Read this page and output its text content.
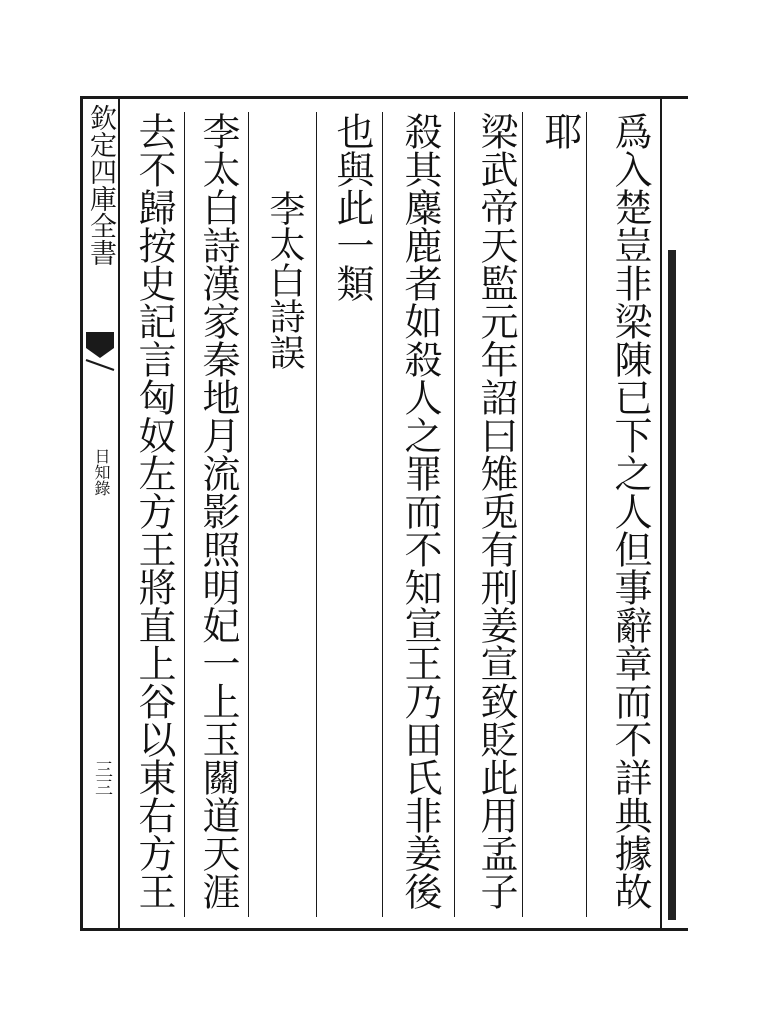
欽定四庫全書
日知錄
三三	爲入楚豈非梁陳已下之人但事辭章而不詳典據故
耶
梁武帝天監元年詔曰雉兎有刑姜宣致貶此用孟子
殺其麋鹿者如殺人之罪而不知宣王乃田氏非姜後
也與此一類
李太白詩誤
李太白詩漢家秦地月流影照明妃一上玉關道天涯
去不歸按史記言匈奴左方王將直上谷以東右方王
